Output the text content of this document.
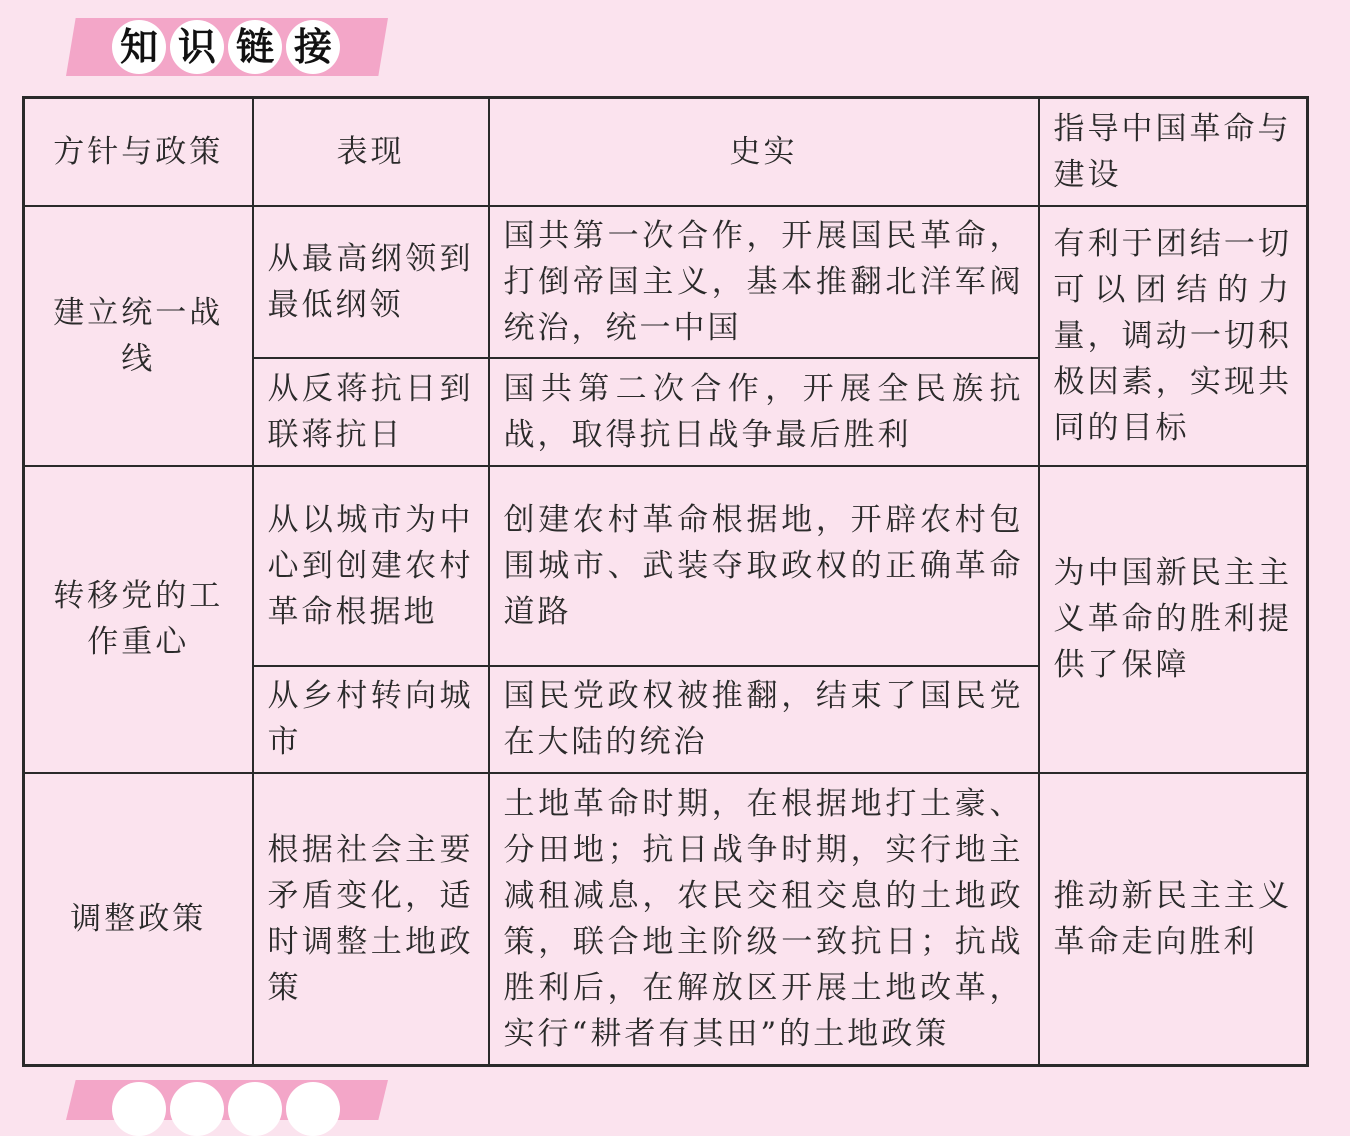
知 识 链 接
方针与政策	表现	史实	指导中国革命与建设
建立统一战线	从最高纲领到最低纲领	国共第一次合作，开展国民革命，打倒帝国主义，基本推翻北洋军阀统治，统一中国	有利于团结一切可以团结的力量，调动一切积极因素，实现共同的目标
	从反蒋抗日到联蒋抗日	国共第二次合作，开展全民族抗战，取得抗日战争最后胜利	
转移党的工作重心	从以城市为中心到创建农村革命根据地	创建农村革命根据地，开辟农村包围城市、武装夺取政权的正确革命道路	为中国新民主主义革命的胜利提供了保障
	从乡村转向城市	国民党政权被推翻，结束了国民党在大陆的统治	
调整政策	根据社会主要矛盾变化，适时调整土地政策	土地革命时期，在根据地打土豪、分田地；抗日战争时期，实行地主减租减息，农民交租交息的土地政策，联合地主阶级一致抗日；抗战胜利后，在解放区开展土地改革，实行“耕者有其田”的土地政策	推动新民主主义革命走向胜利
